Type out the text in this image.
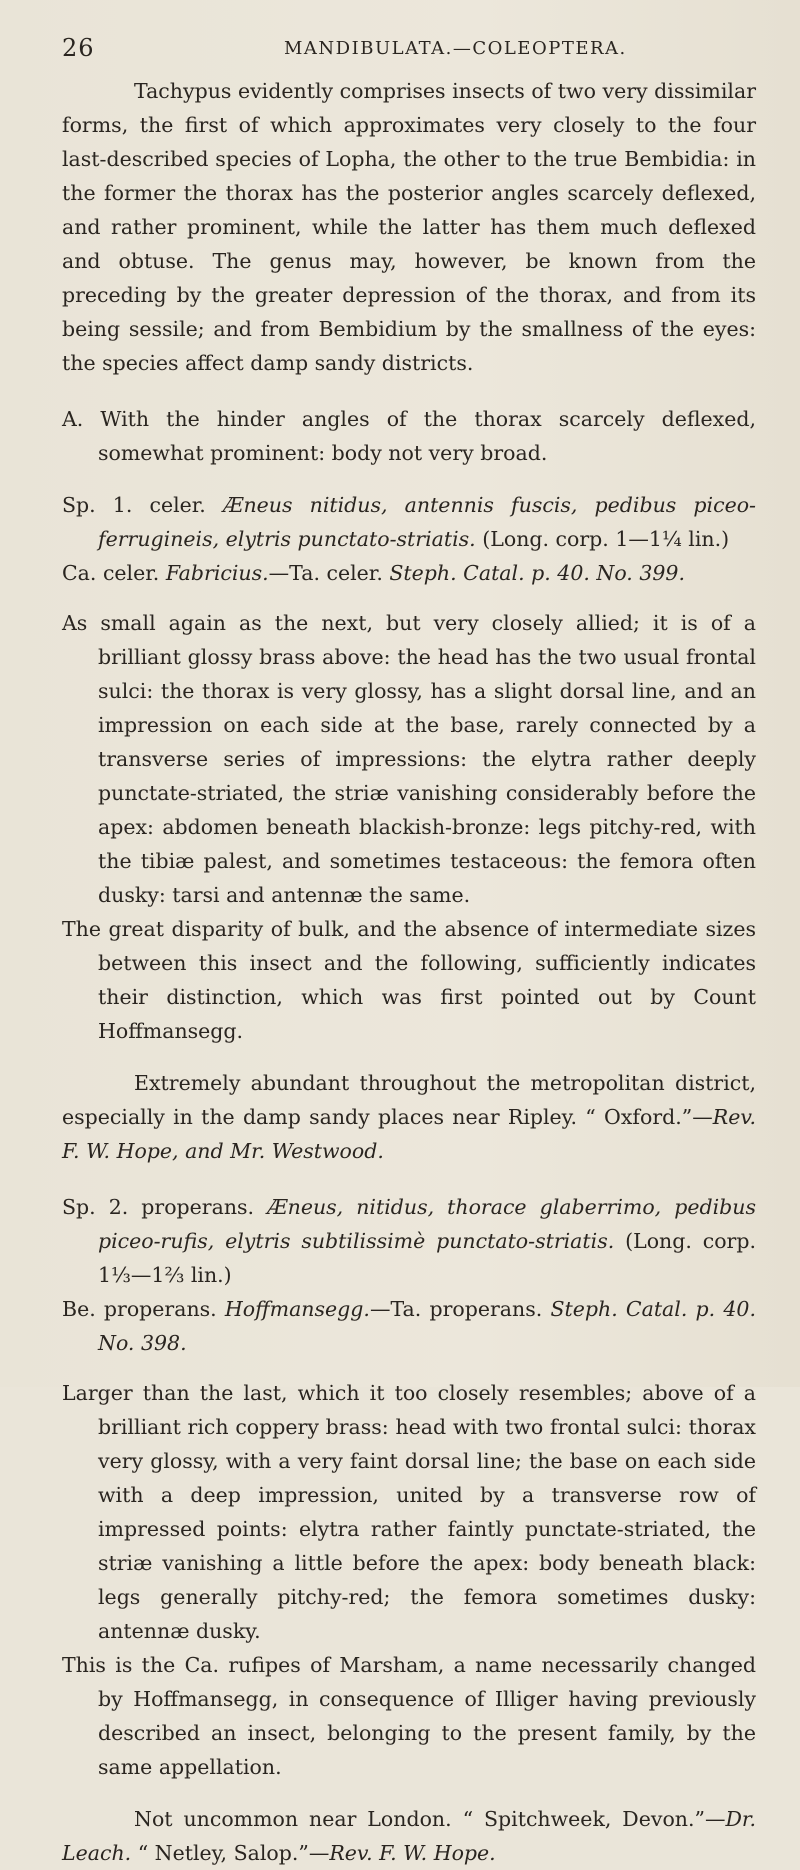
26	MANDIBULATA.—COLEOPTERA.

Tachypus evidently comprises insects of two very dissimilar forms, the first of which approximates very closely to the four last-described species of Lopha, the other to the true Bembidia: in the former the thorax has the posterior angles scarcely deflexed, and rather prominent, while the latter has them much deflexed and obtuse. The genus may, however, be known from the preceding by the greater depression of the thorax, and from its being sessile; and from Bembidium by the smallness of the eyes: the species affect damp sandy districts.

A. With the hinder angles of the thorax scarcely deflexed, somewhat prominent: body not very broad.

Sp. 1. celer. Æneus nitidus, antennis fuscis, pedibus piceo-ferrugineis, elytris punctato-striatis. (Long. corp. 1—1¼ lin.)

Ca. celer. Fabricius.—Ta. celer. Steph. Catal. p. 40. No. 399.

As small again as the next, but very closely allied; it is of a brilliant glossy brass above: the head has the two usual frontal sulci: the thorax is very glossy, has a slight dorsal line, and an impression on each side at the base, rarely connected by a transverse series of impressions: the elytra rather deeply punctate-striated, the striæ vanishing considerably before the apex: abdomen beneath blackish-bronze: legs pitchy-red, with the tibiæ palest, and sometimes testaceous: the femora often dusky: tarsi and antennæ the same.

The great disparity of bulk, and the absence of intermediate sizes between this insect and the following, sufficiently indicates their distinction, which was first pointed out by Count Hoffmansegg.

Extremely abundant throughout the metropolitan district, especially in the damp sandy places near Ripley. “ Oxford.”—Rev. F. W. Hope, and Mr. Westwood.

Sp. 2. properans. Æneus, nitidus, thorace glaberrimo, pedibus piceo-rufis, elytris subtilissimè punctato-striatis. (Long. corp. 1⅓—1⅔ lin.)

Be. properans. Hoffmansegg.—Ta. properans. Steph. Catal. p. 40. No. 398.

Larger than the last, which it too closely resembles; above of a brilliant rich coppery brass: head with two frontal sulci: thorax very glossy, with a very faint dorsal line; the base on each side with a deep impression, united by a transverse row of impressed points: elytra rather faintly punctate-striated, the striæ vanishing a little before the apex: body beneath black: legs generally pitchy-red; the femora sometimes dusky: antennæ dusky.

This is the Ca. rufipes of Marsham, a name necessarily changed by Hoffmansegg, in consequence of Illiger having previously described an insect, belonging to the present family, by the same appellation.

Not uncommon near London. “ Spitchweek, Devon.”—Dr. Leach. “ Netley, Salop.”—Rev. F. W. Hope.
